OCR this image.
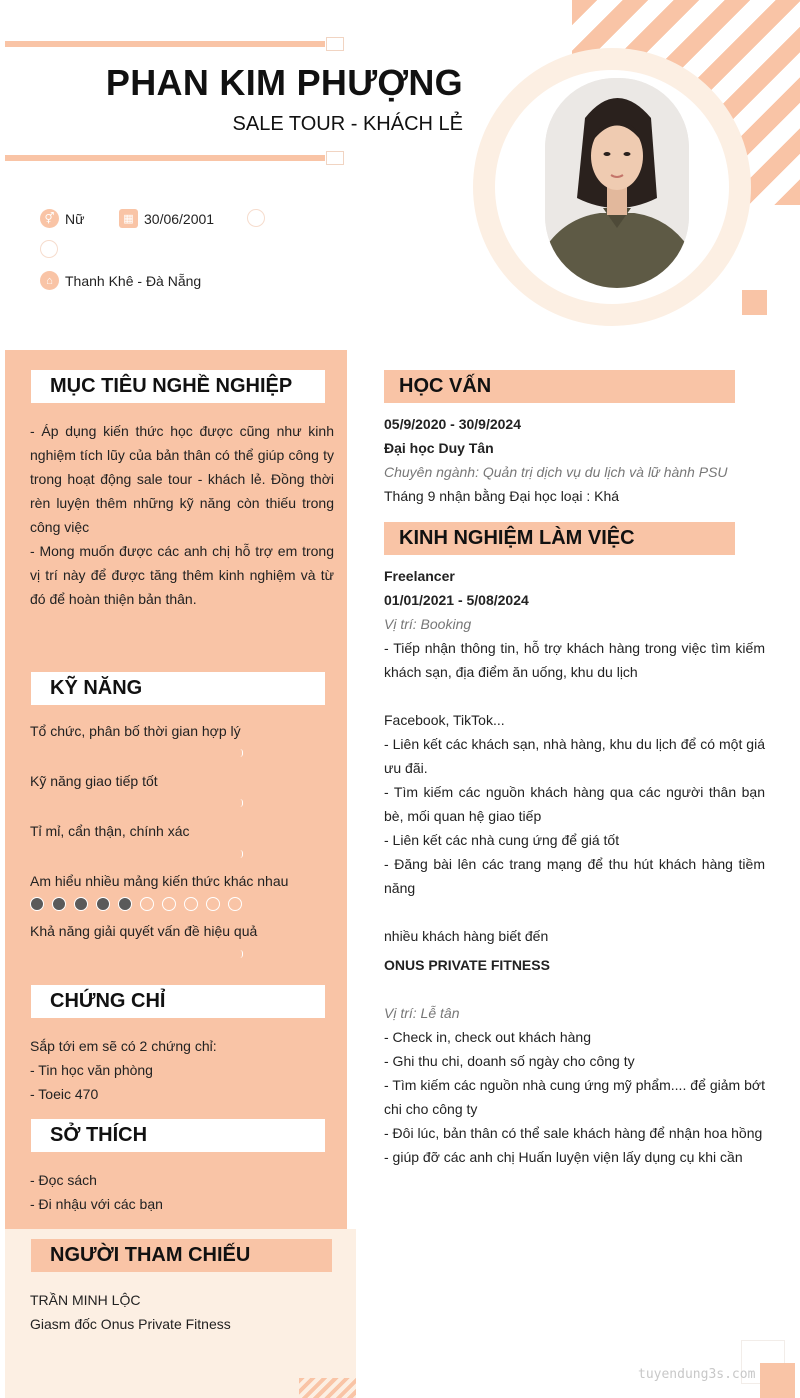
PHAN KIM PHƯỢNG
SALE TOUR - KHÁCH LẺ
⚥ Nữ	▦ 30/06/2001
⌂ Thanh Khê - Đà Nẵng
MỤC TIÊU NGHỀ NGHIỆP

- Áp dụng kiến thức học được cũng như kinh nghiệm tích lũy của bản thân có thể giúp công ty trong hoạt động sale tour - khách lẻ. Đồng thời rèn luyện thêm những kỹ năng còn thiếu trong công việc

- Mong muốn được các anh chị hỗ trợ em trong vị trí này để được tăng thêm kinh nghiệm và từ đó để hoàn thiện bản thân.

KỸ NĂNG
Tổ chức, phân bố thời gian hợp lý
Kỹ năng giao tiếp tốt
Tỉ mỉ, cẩn thận, chính xác
Am hiểu nhiều mảng kiến thức khác nhau
Khả năng giải quyết vấn đề hiệu quả
CHỨNG CHỈ
Sắp tới em sẽ có 2 chứng chỉ:
- Tin học văn phòng
- Toeic 470
SỞ THÍCH
- Đọc sách
- Đi nhậu với các bạn
NGƯỜI THAM CHIẾU
TRẦN MINH LỘC
Giasm đốc Onus Private Fitness
HỌC VẤN
05/9/2020 - 30/9/2024
Đại học Duy Tân
Chuyên ngành: Quản trị dịch vụ du lịch và lữ hành PSU
Tháng 9 nhận bằng Đại học loại : Khá
KINH NGHIỆM LÀM VIỆC
Freelancer
01/01/2021 - 5/08/2024
Vị trí: Booking
- Tiếp nhận thông tin, hỗ trợ khách hàng trong việc tìm kiếm khách sạn, địa điểm ăn uống, khu du lịch
Facebook, TikTok...
- Liên kết các khách sạn, nhà hàng, khu du lịch để có một giá ưu đãi.
- Tìm kiếm các nguồn khách hàng qua các người thân bạn bè, mối quan hệ giao tiếp
- Liên kết các nhà cung ứng để giá tốt
- Đăng bài lên các trang mạng để thu hút khách hàng tiềm năng
nhiều khách hàng biết đến
ONUS PRIVATE FITNESS
Vị trí: Lễ tân
- Check in, check out khách hàng
- Ghi thu chi, doanh số ngày cho công ty
- Tìm kiếm các nguồn nhà cung ứng mỹ phẩm.... để giảm bớt chi cho công ty
- Đôi lúc, bản thân có thể sale khách hàng để nhận hoa hồng
- giúp đỡ các anh chị Huấn luyện viện lấy dụng cụ khi cần
tuyendung3s.com
